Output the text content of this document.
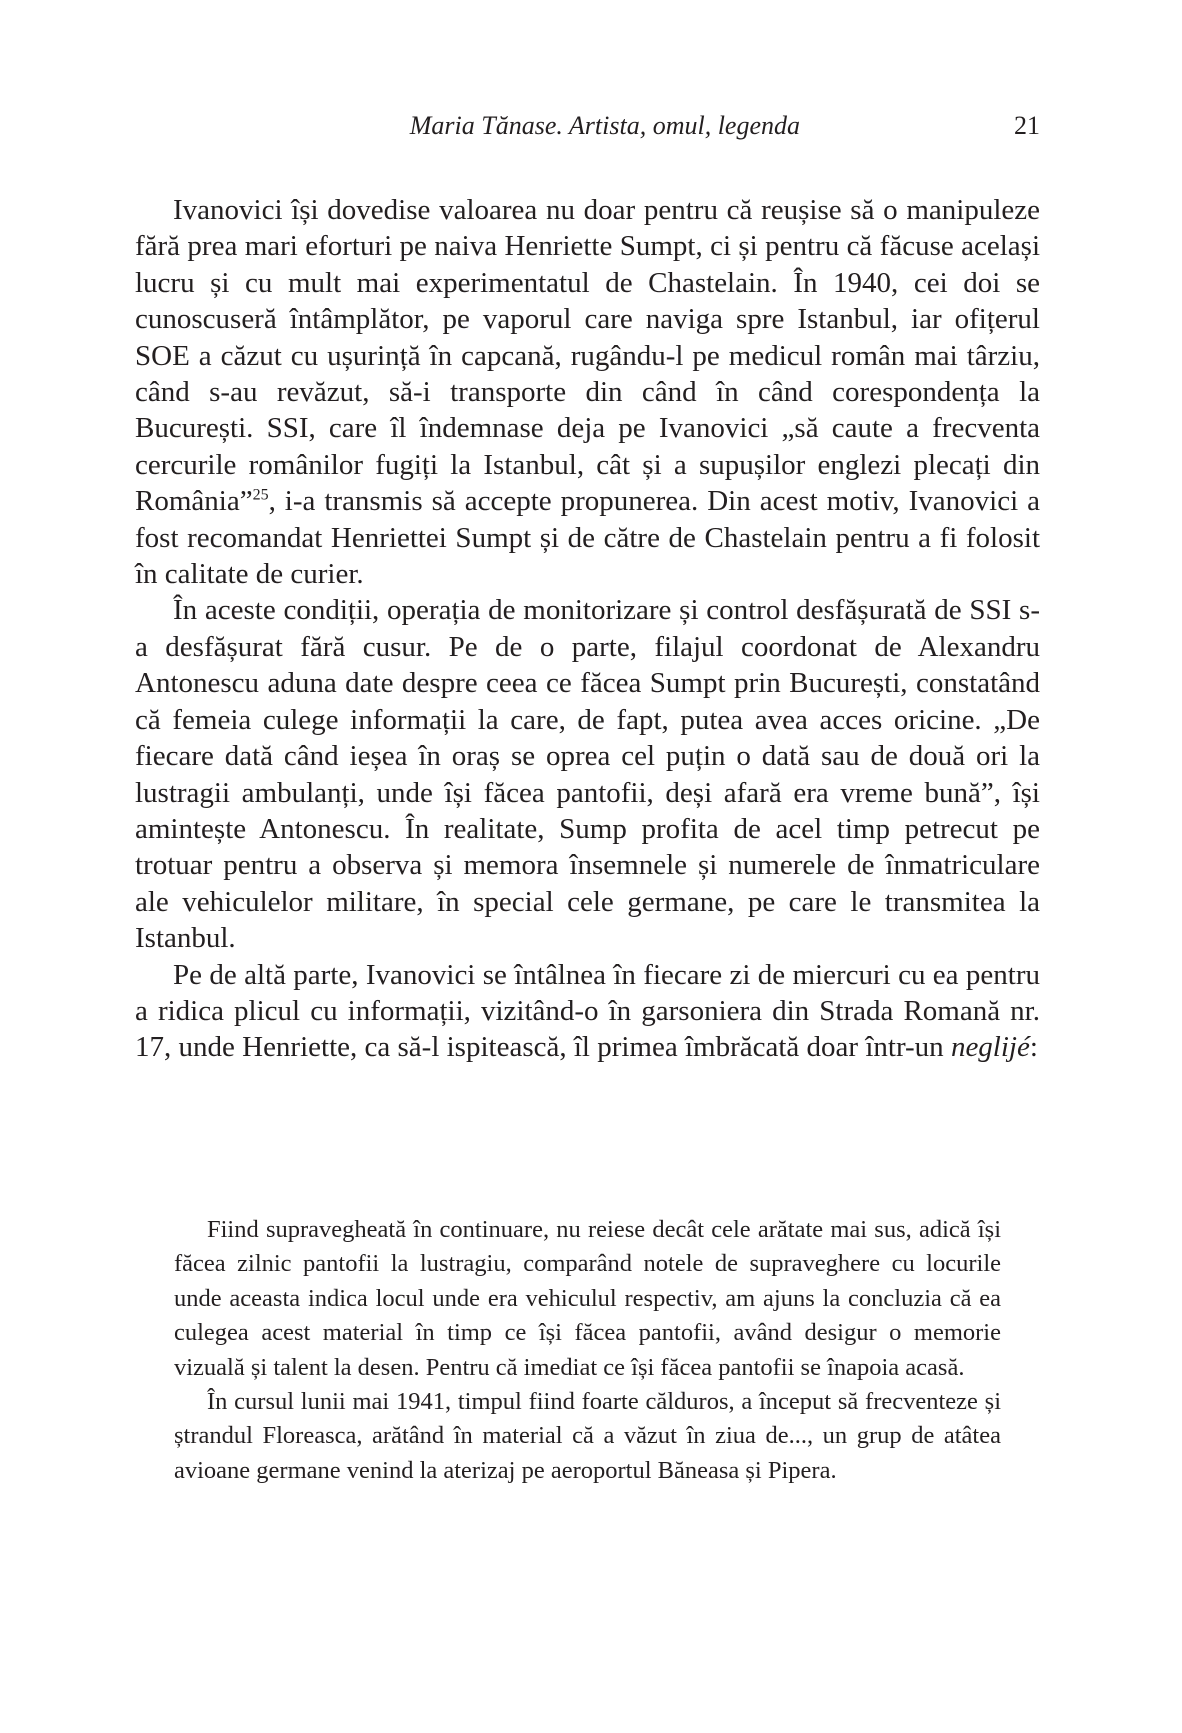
Maria Tănase. Artista, omul, legenda	21

Ivanovici își dovedise valoarea nu doar pentru că reușise să o manipuleze fără prea mari eforturi pe naiva Henriette Sumpt, ci și pentru că făcuse același lucru și cu mult mai experimentatul de Chastelain. În 1940, cei doi se cunoscuseră întâmplător, pe vaporul care naviga spre Istanbul, iar ofițerul SOE a căzut cu ușurință în capcană, rugându-l pe medicul român mai târziu, când s-au revăzut, să-i transporte din când în când corespondența la București. SSI, care îl îndemnase deja pe Ivanovici „să caute a frecventa cercurile românilor fugiți la Istanbul, cât și a supușilor englezi plecați din România”$^{25}$, i-a transmis să accepte propunerea. Din acest motiv, Ivanovici a fost recomandat Henriettei Sumpt și de către de Chastelain pentru a fi folosit în calitate de curier.

În aceste condiții, operația de monitorizare și control desfășurată de SSI s-a desfășurat fără cusur. Pe de o parte, filajul coordonat de Alexandru Antonescu aduna date despre ceea ce făcea Sumpt prin București, constatând că femeia culege informații la care, de fapt, putea avea acces oricine. „De fiecare dată când ieșea în oraș se oprea cel puțin o dată sau de două ori la lustragii ambulanți, unde își făcea pantofii, deși afară era vreme bună”, își amintește Antonescu. În realitate, Sump profita de acel timp petrecut pe trotuar pentru a observa și memora însemnele și numerele de înmatriculare ale vehiculelor militare, în special cele germane, pe care le transmitea la Istanbul.

Pe de altă parte, Ivanovici se întâlnea în fiecare zi de miercuri cu ea pentru a ridica plicul cu informații, vizitând-o în garsoniera din Strada Romană nr. 17, unde Henriette, ca să-l ispitească, îl primea îmbrăcată doar într-un neglijé:

Fiind supravegheată în continuare, nu reiese decât cele arătate mai sus, adică își făcea zilnic pantofii la lustragiu, comparând notele de supraveghere cu locurile unde aceasta indica locul unde era vehiculul respectiv, am ajuns la concluzia că ea culegea acest material în timp ce își făcea pantofii, având desigur o memorie vizuală și talent la desen. Pentru că imediat ce își făcea pantofii se înapoia acasă.

În cursul lunii mai 1941, timpul fiind foarte călduros, a început să frecventeze și ștrandul Floreasca, arătând în material că a văzut în ziua de..., un grup de atâtea avioane germane venind la aterizaj pe aeroportul Băneasa și Pipera.
